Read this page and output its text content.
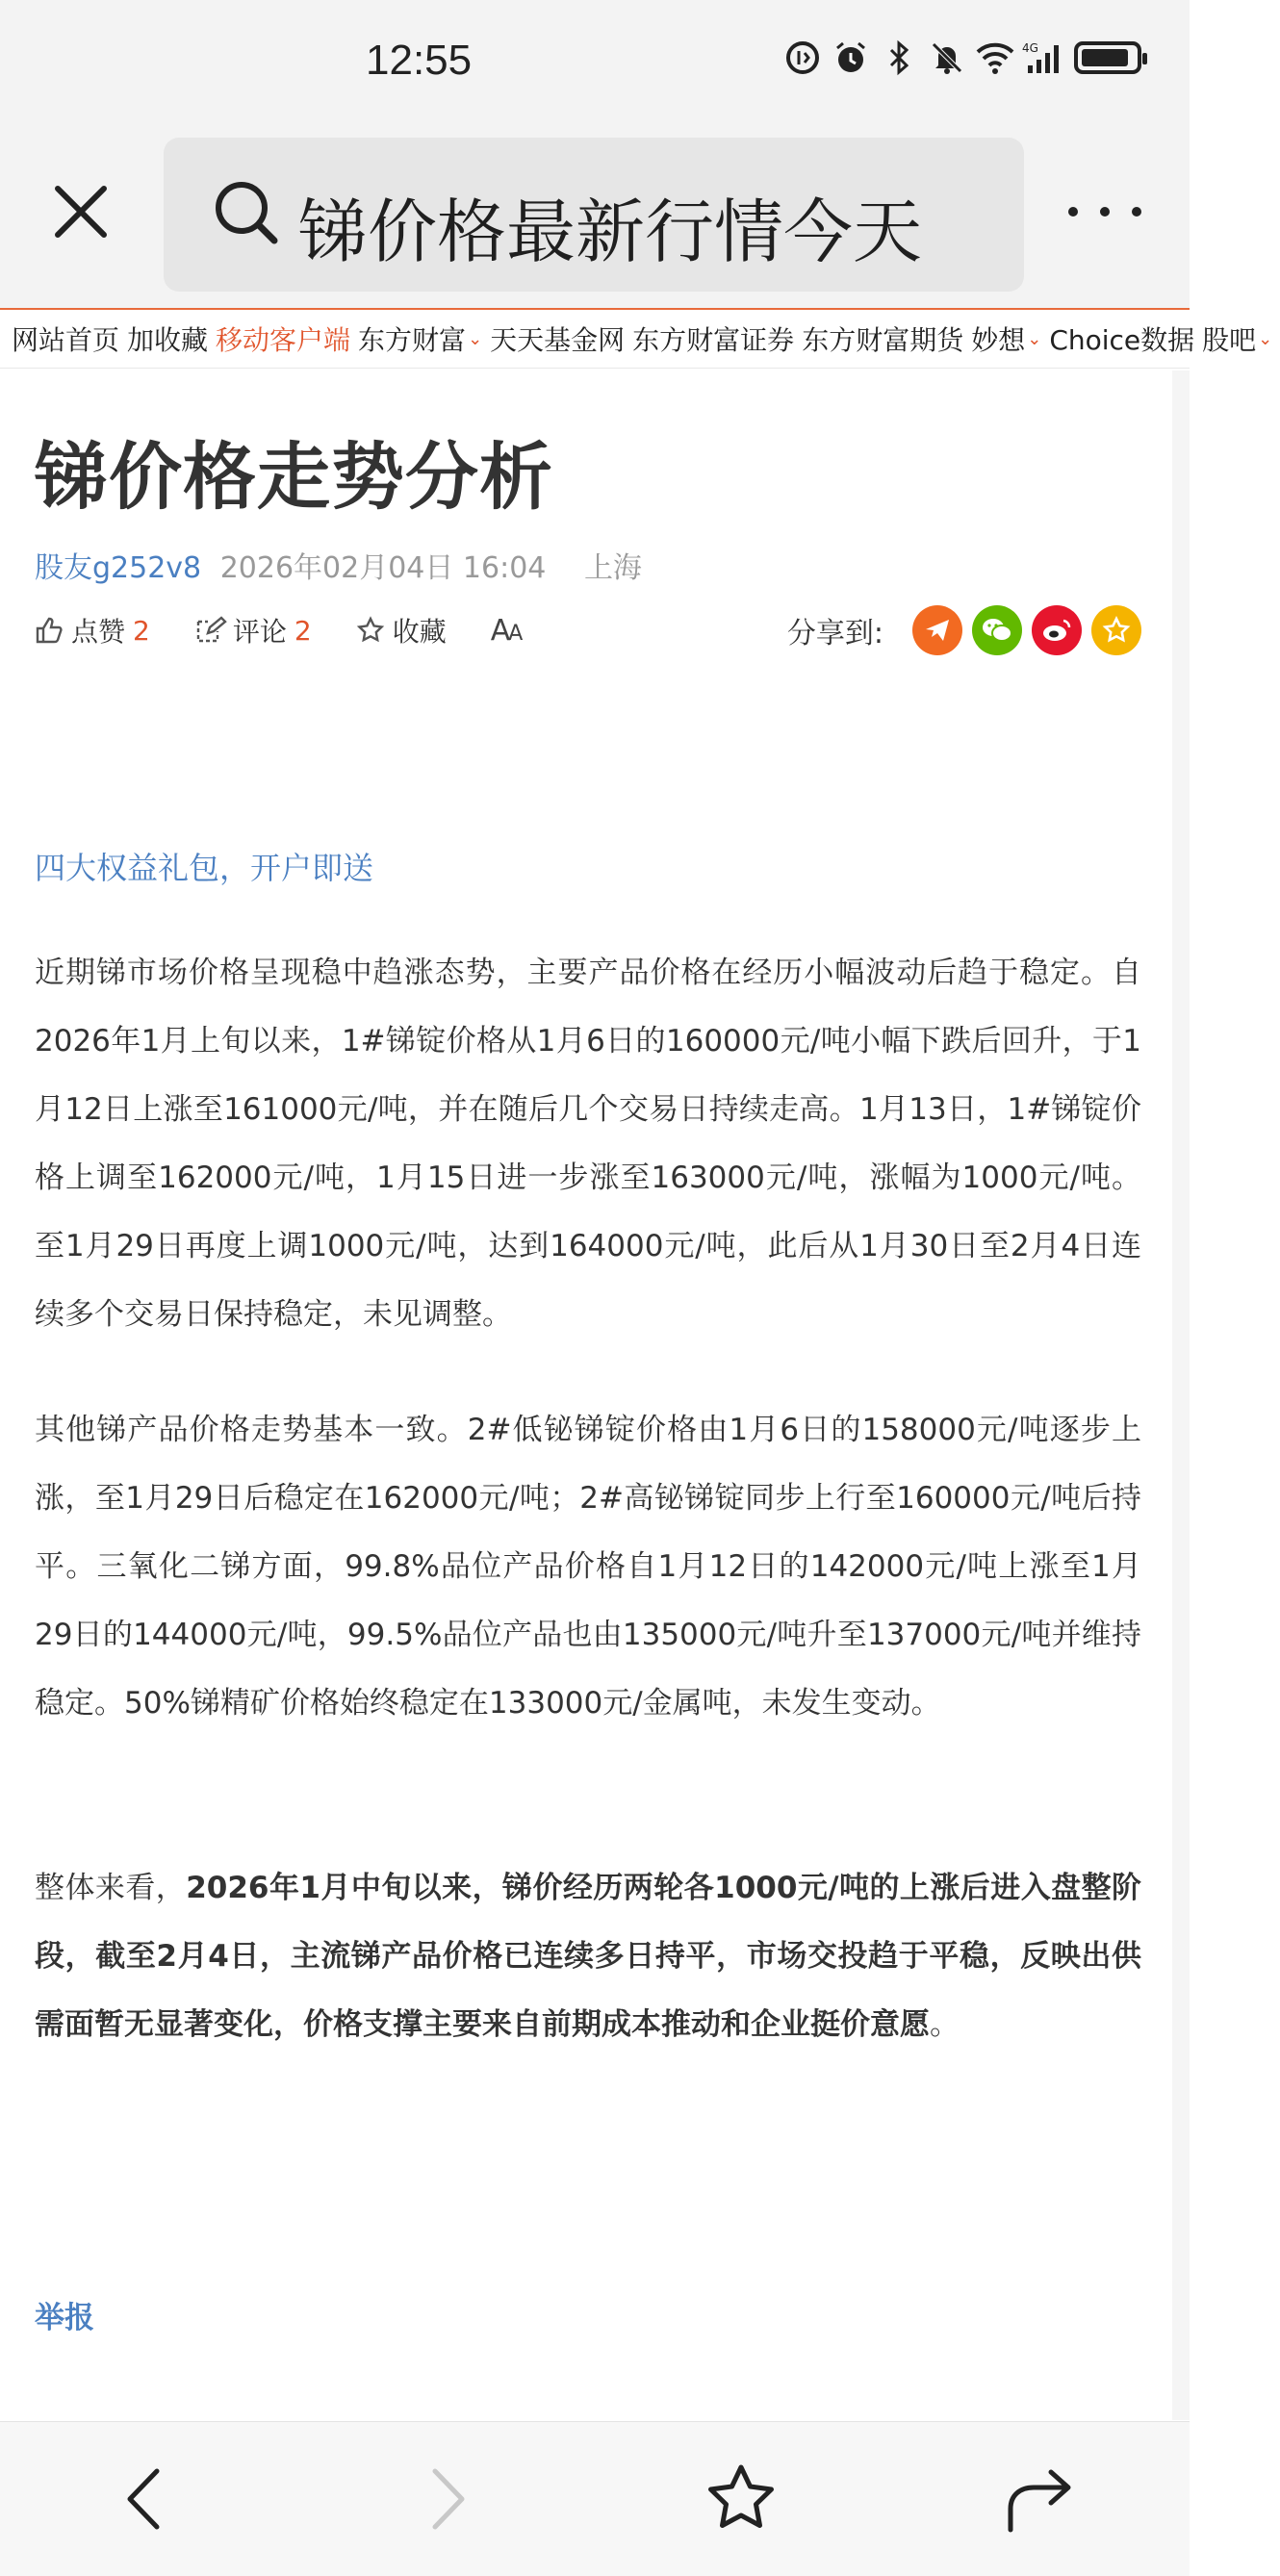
12:55	4G
锑价格最新行情今天
网站首页 加收藏 移动客户端 东方财富 ⌄ 天天基金网 东方财富证券 东方财富期货 妙想 ⌄ Choice数据 股吧 ⌄
锑价格走势分析
股友g252v8 2026年02月04日 16:04 上海
点赞 2	评论 2	收藏 AA	分享到:
四大权益礼包，开户即送
近期锑市场价格呈现稳中趋涨态势，主要产品价格在经历小幅波动后趋于稳定。自2026年1月上旬以来，1#锑锭价格从1月6日的160000元/吨小幅下跌后回升，于1月12日上涨至161000元/吨，并在随后几个交易日持续走高。1月13日，1#锑锭价格上调至162000元/吨，1月15日进一步涨至163000元/吨，涨幅为1000元/吨。至1月29日再度上调1000元/吨，达到164000元/吨，此后从1月30日至2月4日连续多个交易日保持稳定，未见调整。
其他锑产品价格走势基本一致。2#低铋锑锭价格由1月6日的158000元/吨逐步上涨，至1月29日后稳定在162000元/吨；2#高铋锑锭同步上行至160000元/吨后持平。三氧化二锑方面，99.8%品位产品价格自1月12日的142000元/吨上涨至1月29日的144000元/吨，99.5%品位产品也由135000元/吨升至137000元/吨并维持稳定。50%锑精矿价格始终稳定在133000元/金属吨，未发生变动。
整体来看，2026年1月中旬以来，锑价经历两轮各1000元/吨的上涨后进入盘整阶段，截至2月4日，主流锑产品价格已连续多日持平，市场交投趋于平稳，反映出供需面暂无显著变化，价格支撑主要来自前期成本推动和企业挺价意愿。
举报
